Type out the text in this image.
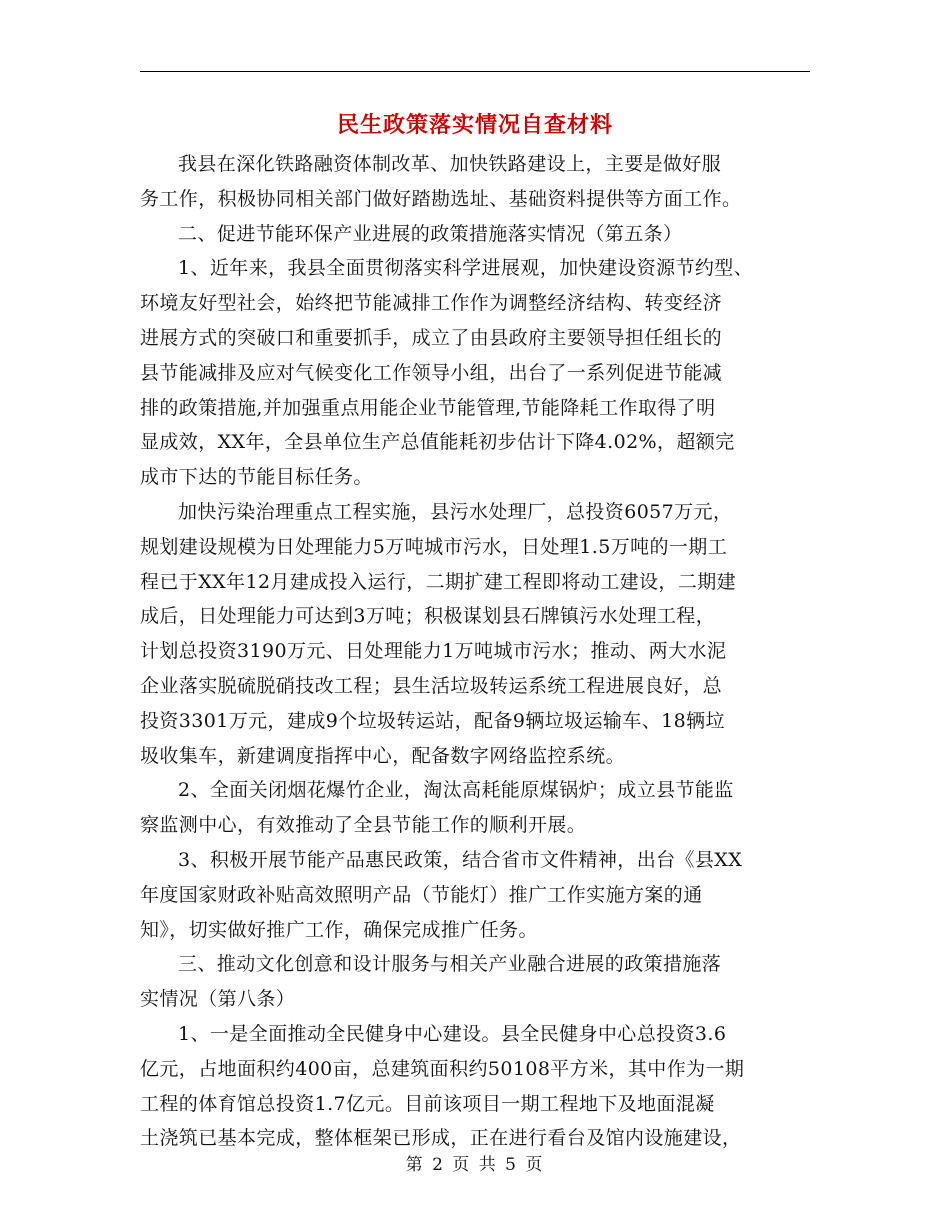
民生政策落实情况自查材料
我县在深化铁路融资体制改革、加快铁路建设上，主要是做好服
务工作，积极协同相关部门做好踏勘选址、基础资料提供等方面工作。
二、促进节能环保产业进展的政策措施落实情况（第五条）
1、近年来，我县全面贯彻落实科学进展观，加快建设资源节约型、
环境友好型社会，始终把节能减排工作作为调整经济结构、转变经济
进展方式的突破口和重要抓手，成立了由县政府主要领导担任组长的
县节能减排及应对气候变化工作领导小组，出台了一系列促进节能减
排的政策措施,并加强重点用能企业节能管理,节能降耗工作取得了明
显成效，XX年，全县单位生产总值能耗初步估计下降4.02%，超额完
成市下达的节能目标任务。
加快污染治理重点工程实施，县污水处理厂，总投资6057万元，
规划建设规模为日处理能力5万吨城市污水，日处理1.5万吨的一期工
程已于XX年12月建成投入运行，二期扩建工程即将动工建设，二期建
成后，日处理能力可达到3万吨；积极谋划县石牌镇污水处理工程，
计划总投资3190万元、日处理能力1万吨城市污水；推动、两大水泥
企业落实脱硫脱硝技改工程；县生活垃圾转运系统工程进展良好，总
投资3301万元，建成9个垃圾转运站，配备9辆垃圾运输车、18辆垃
圾收集车，新建调度指挥中心，配备数字网络监控系统。
2、全面关闭烟花爆竹企业，淘汰高耗能原煤锅炉；成立县节能监
察监测中心，有效推动了全县节能工作的顺利开展。
3、积极开展节能产品惠民政策，结合省市文件精神，出台《县XX
年度国家财政补贴高效照明产品（节能灯）推广工作实施方案的通
知》，切实做好推广工作，确保完成推广任务。
三、推动文化创意和设计服务与相关产业融合进展的政策措施落
实情况（第八条）
1、一是全面推动全民健身中心建设。县全民健身中心总投资3.6
亿元，占地面积约400亩，总建筑面积约50108平方米，其中作为一期
工程的体育馆总投资1.7亿元。目前该项目一期工程地下及地面混凝
土浇筑已基本完成，整体框架已形成，正在进行看台及馆内设施建设，
第 2 页 共 5 页
